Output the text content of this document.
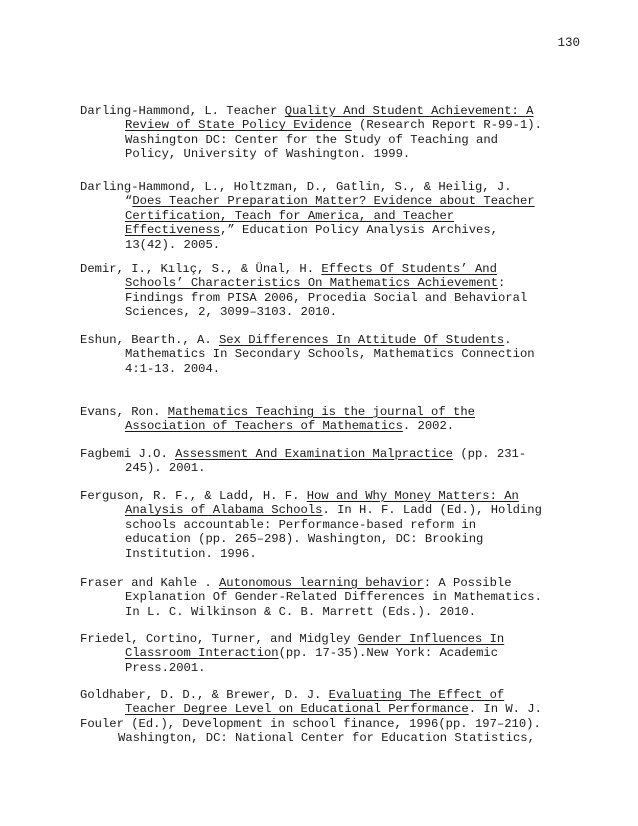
130
Darling-Hammond, L. Teacher Quality And Student Achievement: A
Review of State Policy Evidence (Research Report R-99-1).
Washington DC: Center for the Study of Teaching and
Policy, University of Washington. 1999.
Darling-Hammond, L., Holtzman, D., Gatlin, S., & Heilig, J.
“Does Teacher Preparation Matter? Evidence about Teacher
Certification, Teach for America, and Teacher
Effectiveness,” Education Policy Analysis Archives,
13(42). 2005.
Demir, I., Kılıç, S., & Ünal, H. Effects Of Students’ And
Schools’ Characteristics On Mathematics Achievement:
Findings from PISA 2006, Procedia Social and Behavioral
Sciences, 2, 3099–3103. 2010.
Eshun, Bearth., A. Sex Differences In Attitude Of Students.
Mathematics In Secondary Schools, Mathematics Connection
4:1-13. 2004.
Evans, Ron. Mathematics Teaching is the journal of the
Association of Teachers of Mathematics. 2002.
Fagbemi J.O. Assessment And Examination Malpractice (pp. 231-
245). 2001.
Ferguson, R. F., & Ladd, H. F. How and Why Money Matters: An
Analysis of Alabama Schools. In H. F. Ladd (Ed.), Holding
schools accountable: Performance-based reform in
education (pp. 265–298). Washington, DC: Brooking
Institution. 1996.
Fraser and Kahle . Autonomous learning behavior: A Possible
Explanation Of Gender-Related Differences in Mathematics.
In L. C. Wilkinson & C. B. Marrett (Eds.). 2010.
Friedel, Cortino, Turner, and Midgley Gender Influences In
Classroom Interaction(pp. 17-35).New York: Academic
Press.2001.
Goldhaber, D. D., & Brewer, D. J. Evaluating The Effect of
Teacher Degree Level on Educational Performance. In W. J.
Fouler (Ed.), Development in school finance, 1996(pp. 197–210).
Washington, DC: National Center for Education Statistics,
